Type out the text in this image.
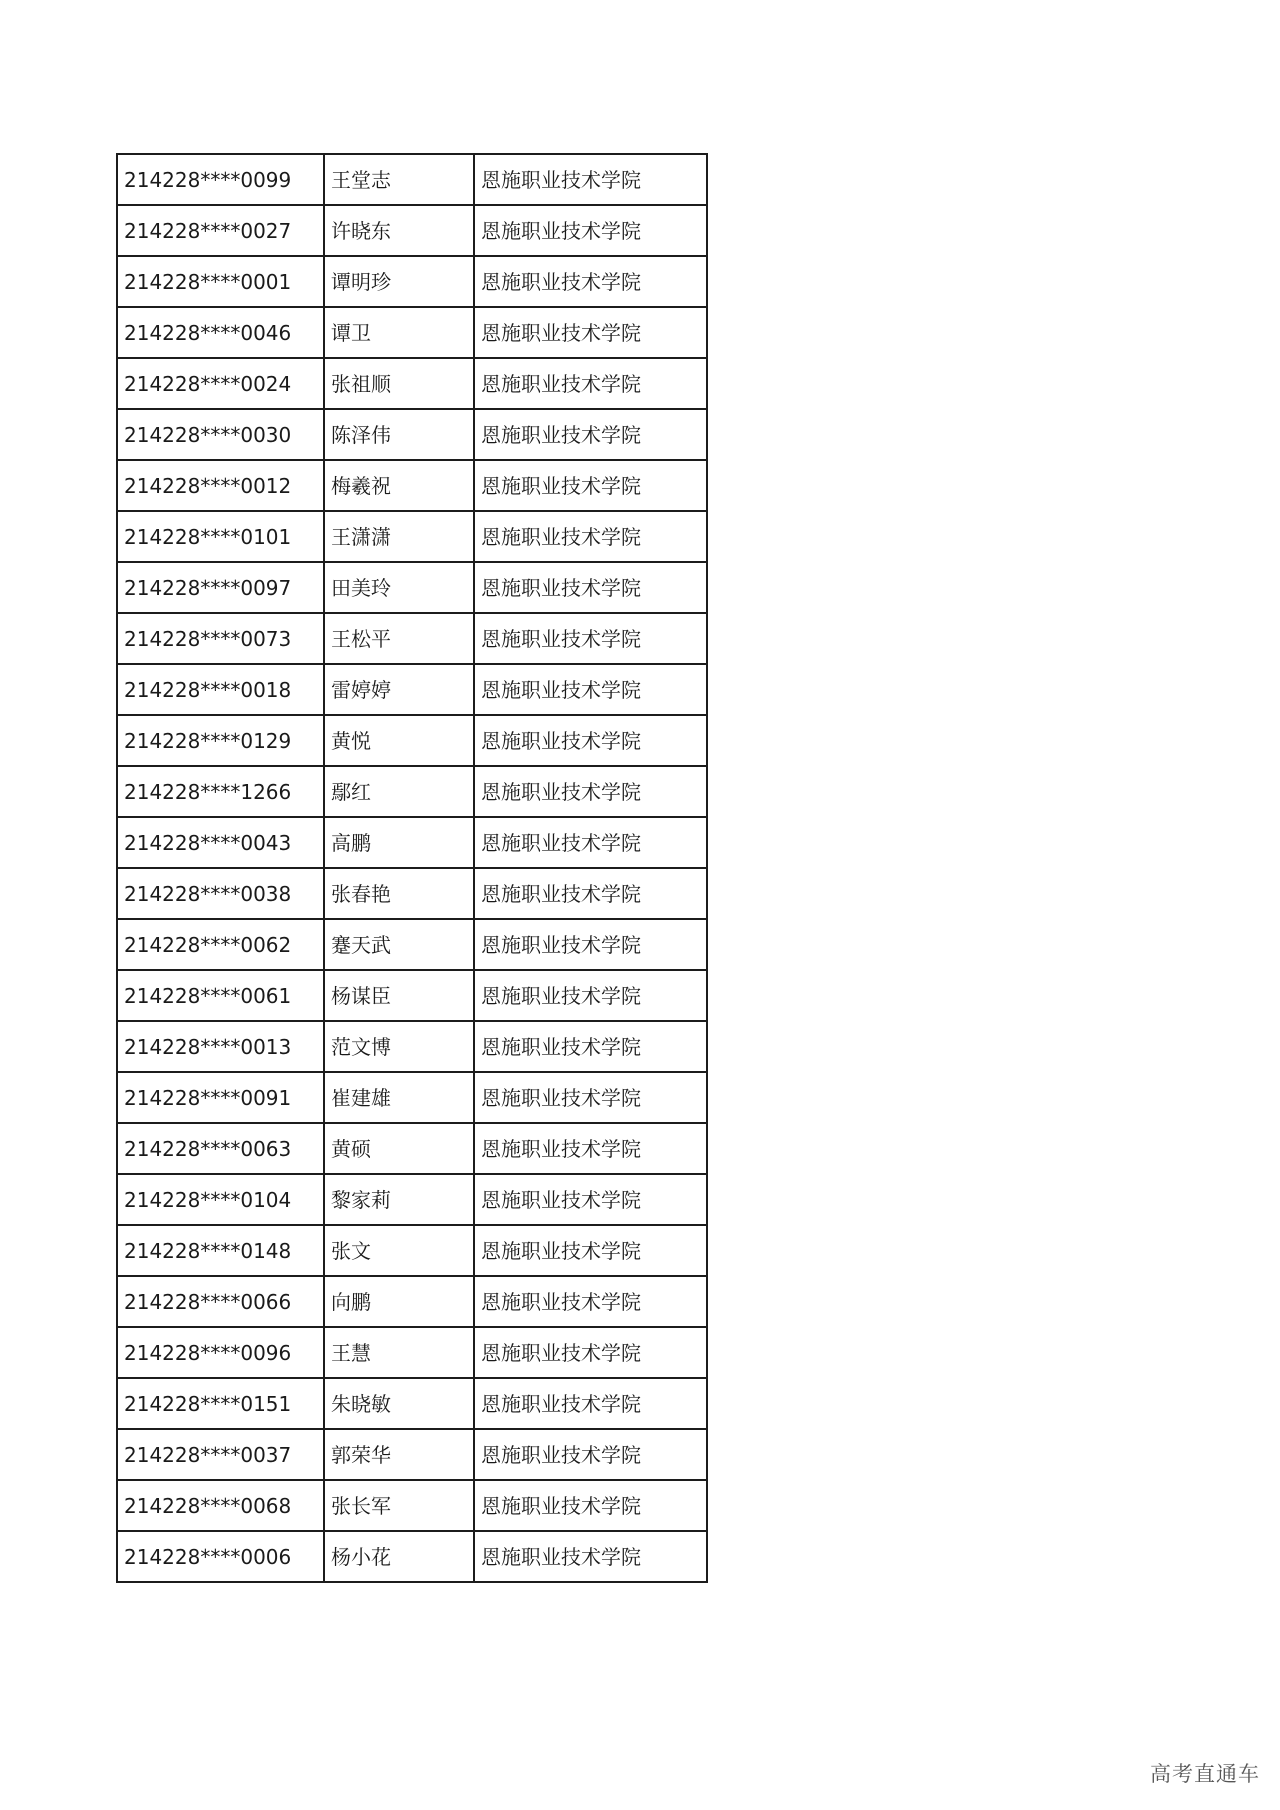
214228****0099	王堂志	恩施职业技术学院
214228****0027	许晓东	恩施职业技术学院
214228****0001	谭明珍	恩施职业技术学院
214228****0046	谭卫	恩施职业技术学院
214228****0024	张祖顺	恩施职业技术学院
214228****0030	陈泽伟	恩施职业技术学院
214228****0012	梅羲祝	恩施职业技术学院
214228****0101	王潇潇	恩施职业技术学院
214228****0097	田美玲	恩施职业技术学院
214228****0073	王松平	恩施职业技术学院
214228****0018	雷婷婷	恩施职业技术学院
214228****0129	黄悦	恩施职业技术学院
214228****1266	鄢红	恩施职业技术学院
214228****0043	高鹏	恩施职业技术学院
214228****0038	张春艳	恩施职业技术学院
214228****0062	蹇天武	恩施职业技术学院
214228****0061	杨谋臣	恩施职业技术学院
214228****0013	范文博	恩施职业技术学院
214228****0091	崔建雄	恩施职业技术学院
214228****0063	黄硕	恩施职业技术学院
214228****0104	黎家莉	恩施职业技术学院
214228****0148	张文	恩施职业技术学院
214228****0066	向鹏	恩施职业技术学院
214228****0096	王慧	恩施职业技术学院
214228****0151	朱晓敏	恩施职业技术学院
214228****0037	郭荣华	恩施职业技术学院
214228****0068	张长军	恩施职业技术学院
214228****0006	杨小花	恩施职业技术学院
高考直通车
